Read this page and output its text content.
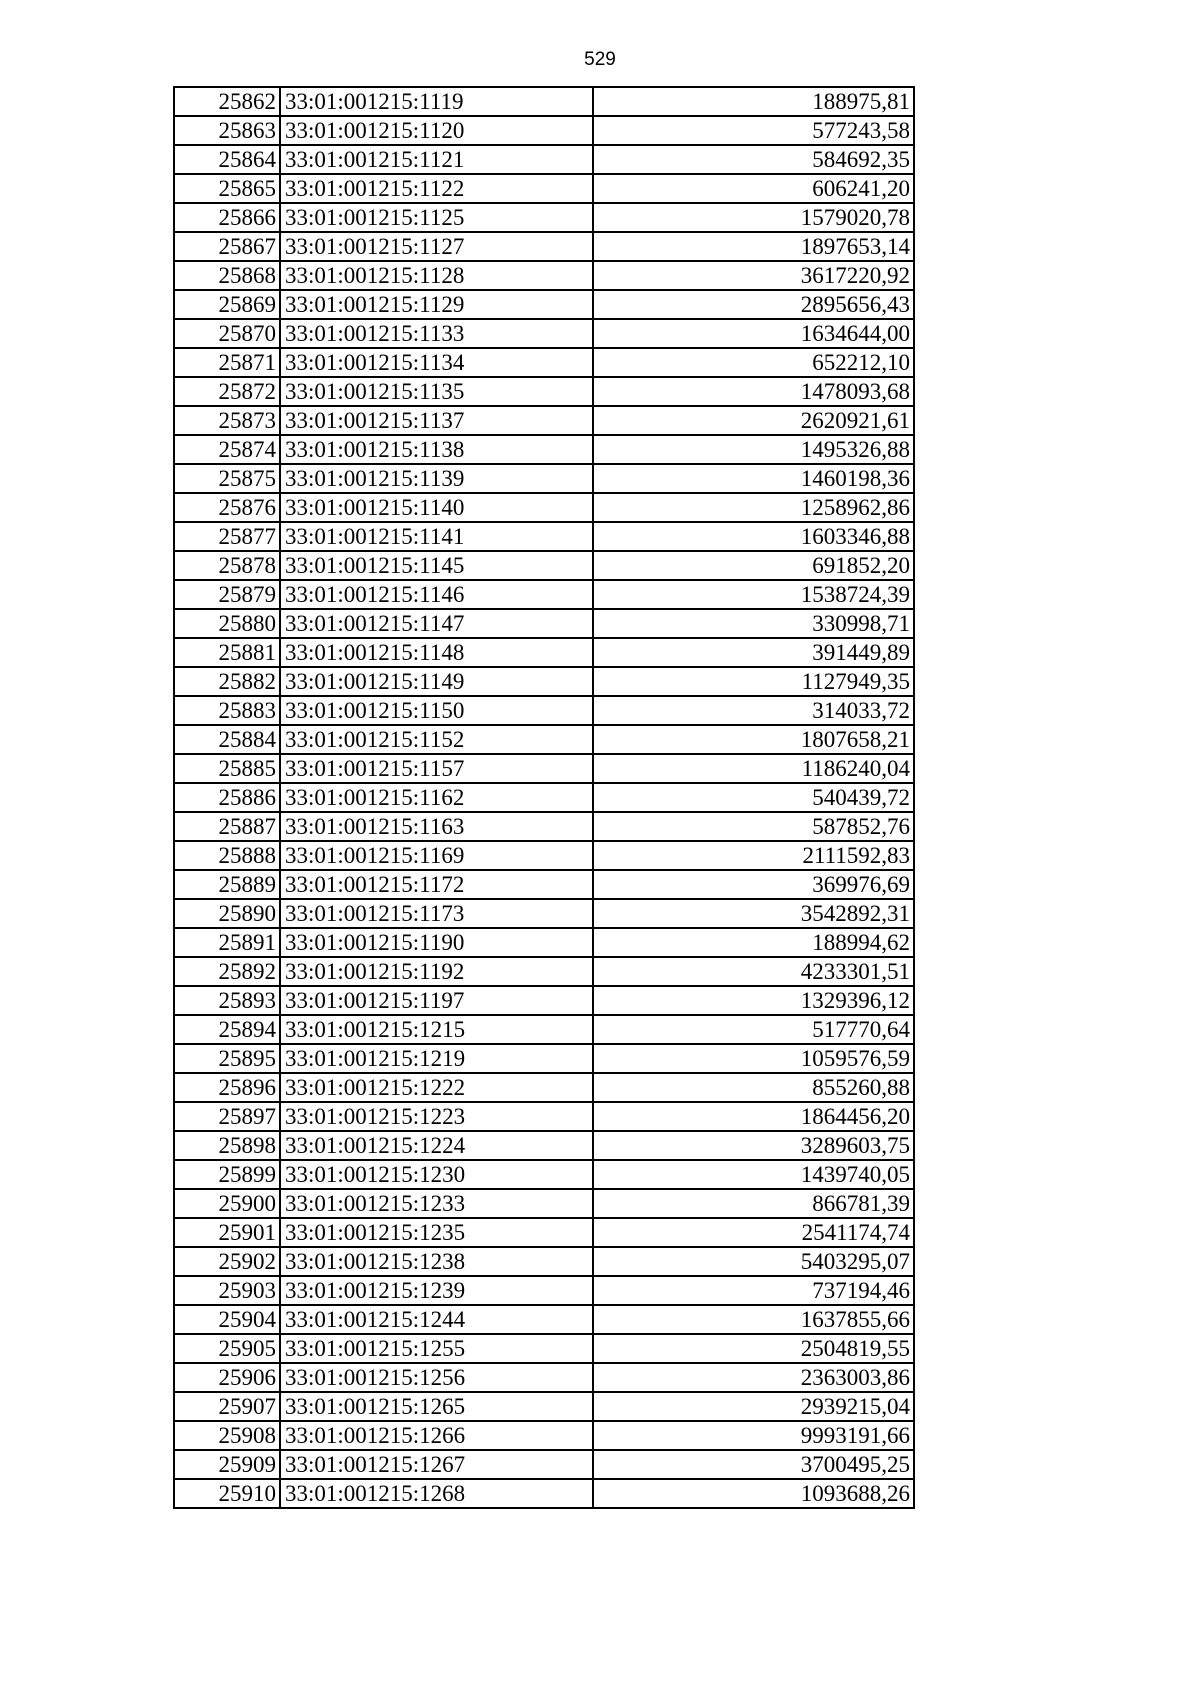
529
25862	33:01:001215:1119	188975,81
25863	33:01:001215:1120	577243,58
25864	33:01:001215:1121	584692,35
25865	33:01:001215:1122	606241,20
25866	33:01:001215:1125	1579020,78
25867	33:01:001215:1127	1897653,14
25868	33:01:001215:1128	3617220,92
25869	33:01:001215:1129	2895656,43
25870	33:01:001215:1133	1634644,00
25871	33:01:001215:1134	652212,10
25872	33:01:001215:1135	1478093,68
25873	33:01:001215:1137	2620921,61
25874	33:01:001215:1138	1495326,88
25875	33:01:001215:1139	1460198,36
25876	33:01:001215:1140	1258962,86
25877	33:01:001215:1141	1603346,88
25878	33:01:001215:1145	691852,20
25879	33:01:001215:1146	1538724,39
25880	33:01:001215:1147	330998,71
25881	33:01:001215:1148	391449,89
25882	33:01:001215:1149	1127949,35
25883	33:01:001215:1150	314033,72
25884	33:01:001215:1152	1807658,21
25885	33:01:001215:1157	1186240,04
25886	33:01:001215:1162	540439,72
25887	33:01:001215:1163	587852,76
25888	33:01:001215:1169	2111592,83
25889	33:01:001215:1172	369976,69
25890	33:01:001215:1173	3542892,31
25891	33:01:001215:1190	188994,62
25892	33:01:001215:1192	4233301,51
25893	33:01:001215:1197	1329396,12
25894	33:01:001215:1215	517770,64
25895	33:01:001215:1219	1059576,59
25896	33:01:001215:1222	855260,88
25897	33:01:001215:1223	1864456,20
25898	33:01:001215:1224	3289603,75
25899	33:01:001215:1230	1439740,05
25900	33:01:001215:1233	866781,39
25901	33:01:001215:1235	2541174,74
25902	33:01:001215:1238	5403295,07
25903	33:01:001215:1239	737194,46
25904	33:01:001215:1244	1637855,66
25905	33:01:001215:1255	2504819,55
25906	33:01:001215:1256	2363003,86
25907	33:01:001215:1265	2939215,04
25908	33:01:001215:1266	9993191,66
25909	33:01:001215:1267	3700495,25
25910	33:01:001215:1268	1093688,26
